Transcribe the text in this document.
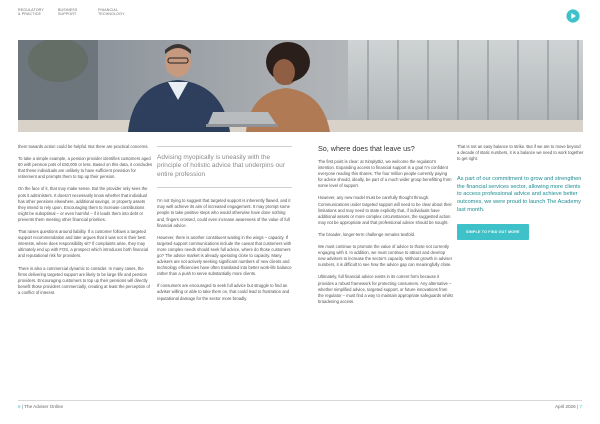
REGULATORY & PRACTICE
BUSINESS SUPPORT
FINANCIAL TECHNOLOGY

them towards action could be helpful. But there are practical concerns.

To take a simple example, a pension provider identifies customers aged 60 with pension pots of £50,000 or less. Based on this data, it concludes that these individuals are unlikely to have sufficient provision for retirement and prompts them to top up their pension.

On the face of it, that may make sense. But the provider only sees the pots it administers. It doesn't necessarily know whether that individual has other pensions elsewhere, additional savings, or property assets they intend to rely upon. Encouraging them to increase contributions might be suboptimal – or even harmful – if it leads them into debt or prevents them meeting other financial priorities.

That raises questions around liability. If a customer follows a targeted support recommendation and later argues that it was not in their best interests, where does responsibility sit? If complaints arise, they may ultimately end up with FOS, a prospect which introduces both financial and reputational risk for providers.

There is also a commercial dynamic to consider. In many cases, the firms delivering targeted support are likely to be large life and pension providers. Encouraging customers to top up their pensions will directly benefit those providers commercially, creating at least the perception of a conflict of interest.

Advising myopically is uneasily with the principle of holistic advice that underpins our entire profession

I'm not trying to suggest that targeted support is inherently flawed, and it may well achieve its aim of increased engagement. It may prompt some people to take positive steps who would otherwise have done nothing and, fingers crossed, could even increase awareness of the value of full financial advice.

However, there is another constituent waiting in the wings – capacity. If targeted support communications include the caveat that customers with more complex needs should seek full advice, where do those customers go? The advice market is already operating close to capacity. Many advisers are not actively seeking significant numbers of new clients and technology efficiencies have often translated into better work-life balance rather than a push to serve substantially more clients.

If consumers are encouraged to seek full advice but struggle to find an adviser willing or able to take them on, that could lead to frustration and reputational damage for the sector more broadly.

So, where does that leave us?

The first point is clear: at SimplyBiz, we welcome the regulator's intention. Expanding access to financial support is a goal I'm confident everyone reading this shares. The four million people currently paying for advice should, ideally, be part of a much wider group benefitting from some level of support.

However, any new model must be carefully thought through. Communications under targeted support will need to be clear about their limitations and may need to state explicitly that, if individuals have additional assets or more complex circumstances, the suggested action may not be appropriate and that professional advice should be sought.

The broader, longer-term challenge remains twofold.

We must continue to promote the value of advice to those not currently engaging with it. In addition, we must continue to attract and develop new advisers to increase the sector's capacity. Without growth in adviser numbers, it is difficult to see how the advice gap can meaningfully close.

Ultimately, full financial advice exists in its current form because it provides a robust framework for protecting consumers. Any alternative – whether simplified advice, targeted support, or future innovations from the regulator – must find a way to maintain appropriate safeguards whilst broadening access.

That is not an easy balance to strike. But if we are to move beyond a decade of static numbers, it is a balance we need to work together to get right.

As part of our commitment to grow and strengthen the financial services sector, allowing more clients to access professional advice and achieve better outcomes, we were proud to launch The Academy last month.
SIMPLE TO FIND OUT MORE
6 | The Adviser Online	April 2026 | 7
